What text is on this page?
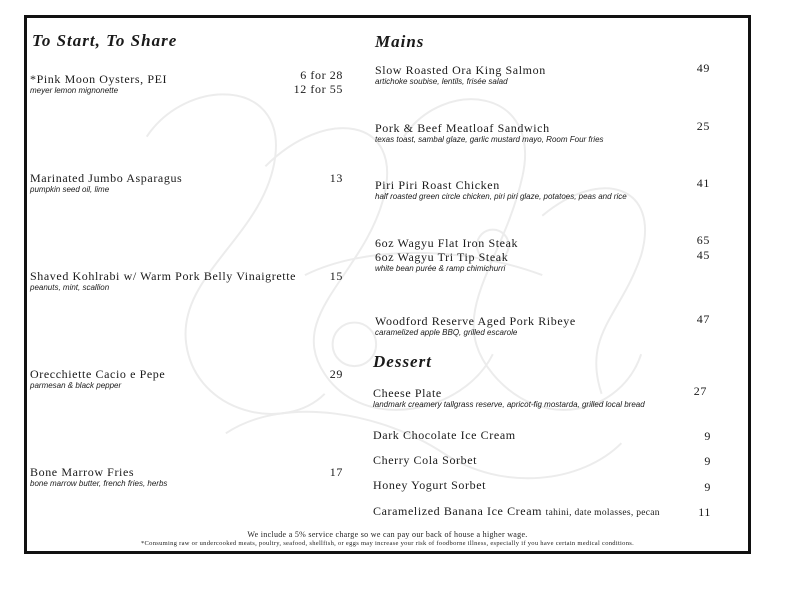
To Start, To Share
*Pink Moon Oysters, PEI
meyer lemon mignonette
6 for 28
12 for 55
Marinated Jumbo Asparagus
pumpkin seed oil, lime
13
Shaved Kohlrabi w/ Warm Pork Belly Vinaigrette
peanuts, mint, scallion
15
Orecchiette Cacio e Pepe
parmesan & black pepper
29
Bone Marrow Fries
bone marrow butter, french fries, herbs
17
Mains
Slow Roasted Ora King Salmon
artichoke soubise, lentils, frisée salad
49
Pork & Beef Meatloaf Sandwich
texas toast, sambal glaze, garlic mustard mayo, Room Four fries
25
Piri Piri Roast Chicken
half roasted green circle chicken, piri piri glaze, potatoes, peas and rice
41
6oz Wagyu Flat Iron Steak
6oz Wagyu Tri Tip Steak
white bean purée & ramp chimichurri
65
45
Woodford Reserve Aged Pork Ribeye
caramelized apple BBQ, grilled escarole
47
Dessert
Cheese Plate
landmark creamery tallgrass reserve, apricot-fig mostarda, grilled local bread
27
Dark Chocolate Ice Cream	9
Cherry Cola Sorbet	9
Honey Yogurt Sorbet	9
Caramelized Banana Ice Cream tahini, date molasses, pecan	11
We include a 5% service charge so we can pay our back of house a higher wage.
*Consuming raw or undercooked meats, poultry, seafood, shellfish, or eggs may increase your risk of foodborne illness, especially if you have certain medical conditions.
